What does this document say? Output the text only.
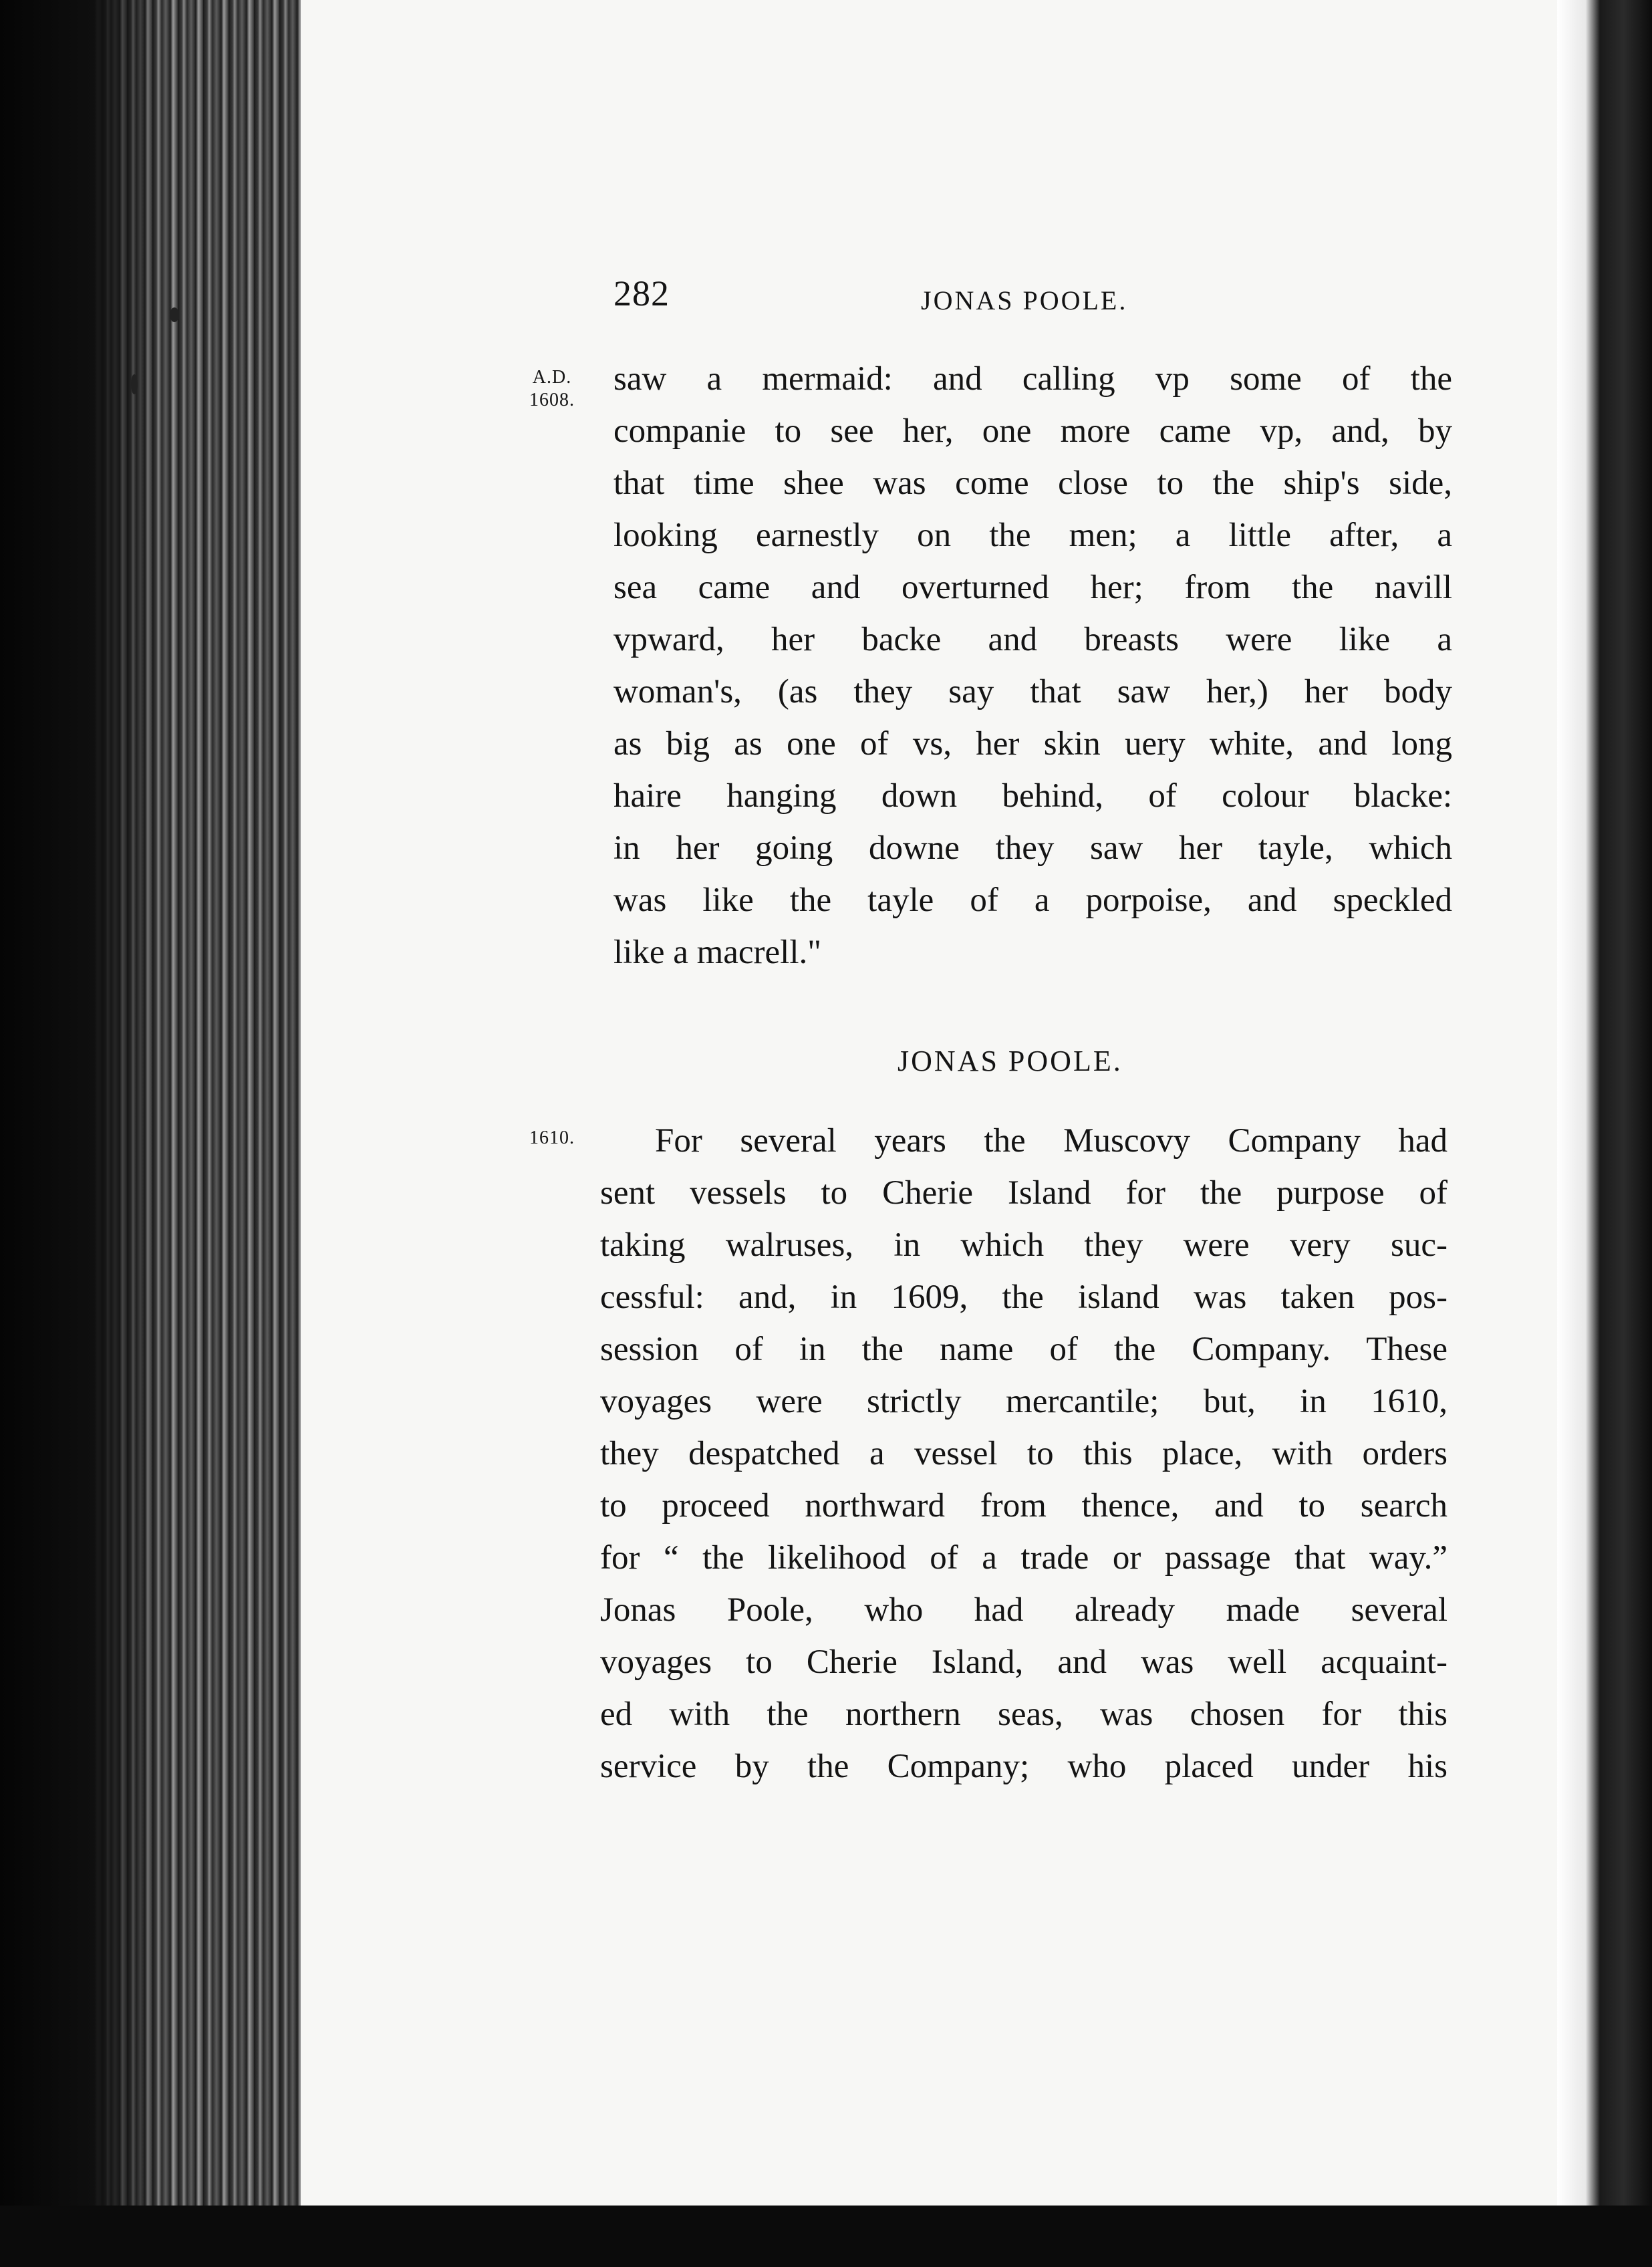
282	JONAS POOLE.
A.D.
1608.
saw a mermaid: and calling vp some of the
companie to see her, one more came vp, and, by
that time shee was come close to the ship's side,
looking earnestly on the men; a little after, a
sea came and overturned her; from the navill
vpward, her backe and breasts were like a
woman's, (as they say that saw her,) her body
as big as one of vs, her skin uery white, and long
haire hanging down behind, of colour blacke:
in her going downe they saw her tayle, which
was like the tayle of a porpoise, and speckled
like a macrell."
JONAS POOLE.
1610.	For several years the Muscovy Company had
sent vessels to Cherie Island for the purpose of
taking walruses, in which they were very suc-
cessful: and, in 1609, the island was taken pos-
session of in the name of the Company. These
voyages were strictly mercantile; but, in 1610,
they despatched a vessel to this place, with orders
to proceed northward from thence, and to search
for “ the likelihood of a trade or passage that way.”
Jonas Poole, who had already made several
voyages to Cherie Island, and was well acquaint-
ed with the northern seas, was chosen for this
service by the Company; who placed under his
